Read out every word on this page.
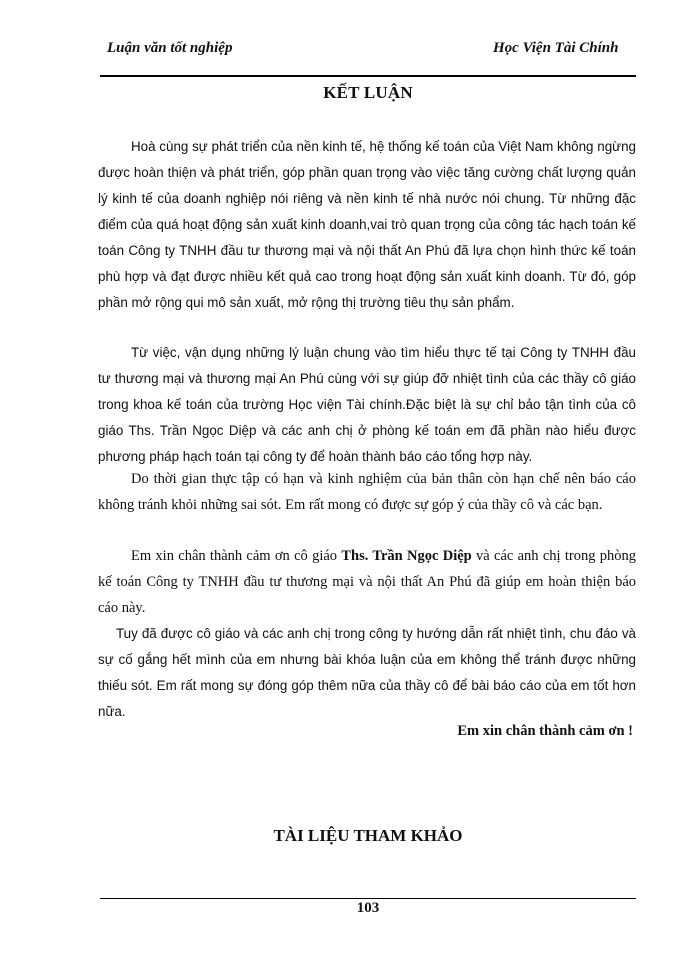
Luận văn tốt nghiệp	Học Viện Tài Chính
KẾT LUẬN

Hoà cùng sự phát triển của nền kinh tế, hệ thống kế toán của Việt Nam không ngừng được hoàn thiện và phát triển, góp phần quan trọng vào việc tăng cường chất lượng quản lý kinh tế của doanh nghiệp nói riêng và nền kinh tế nhà nước nói chung. Từ những đặc điểm của quá hoạt động sản xuất kinh doanh,vai trò quan trọng của công tác hạch toán kế toán Công ty TNHH đầu tư thương mại và nội thất An Phú đã lựa chọn hình thức kế toán phù hợp và đạt được nhiều kết quả cao trong hoạt động sản xuất kinh doanh. Từ đó, góp phần mở rộng qui mô sản xuất, mở rộng thị trường tiêu thụ sản phẩm.

Từ việc, vận dụng những lý luận chung vào tìm hiểu thực tế tại Công ty TNHH đầu tư thương mại và thương mại An Phú cùng với sự giúp đỡ nhiệt tình của các thầy cô giáo trong khoa kế toán của trường Học viện Tài chính.Đặc biệt là sự chỉ bảo tận tình của cô giáo Ths. Trần Ngọc Diệp và các anh chị ở phòng kế toán em đã phần nào hiểu được phương pháp hạch toán tại công ty để hoàn thành báo cáo tổng hợp này.

Do thời gian thực tập có hạn và kinh nghiệm của bản thân còn hạn chế nên báo cáo không tránh khỏi những sai sót. Em rất mong có được sự góp ý của thầy cô và các bạn.

Em xin chân thành cảm ơn cô giáo Ths. Trần Ngọc Diệp và các anh chị trong phòng kế toán Công ty TNHH đầu tư thương mại và nội thất An Phú đã giúp em hoàn thiện báo cáo này.

Tuy đã được cô giáo và các anh chị trong công ty hướng dẫn rất nhiệt tình, chu đáo và sự cố gắng hết mình của em nhưng bài khóa luận của em không thể tránh được những thiếu sót. Em rất mong sự đóng góp thêm nữa của thầy cô để bài báo cáo của em tốt hơn nữa.

Em xin chân thành cảm ơn !
TÀI LIỆU THAM KHẢO
103
